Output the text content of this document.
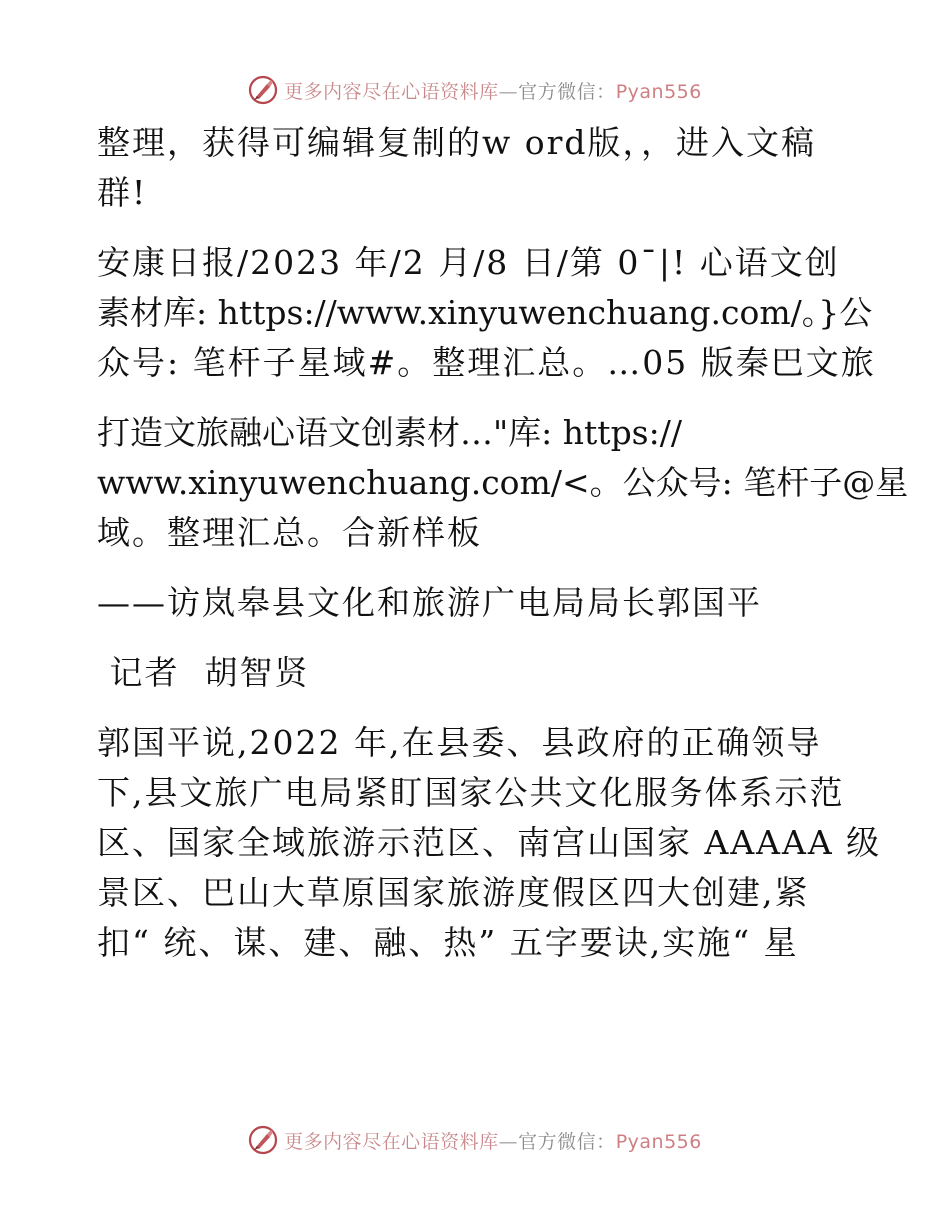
更多内容尽在心语资料库—官方微信：Pyan556
整理，获得可编辑复制的w ord版，，进入文稿
群!
安康日报/2023 年/2 月/8 日/第 0¯|! 心语文创
素材库: https://www.xinyuwenchuang.com/。}公
众号: 笔杆子星域#。整理汇总。…05 版秦巴文旅
打造文旅融心语文创素材…"库: https://
www.xinyuwenchuang.com/<。公众号: 笔杆子@星
域。整理汇总。合新样板
——访岚皋县文化和旅游广电局局长郭国平
记者  胡智贤
郭国平说,2022 年,在县委、县政府的正确领导
下,县文旅广电局紧盯国家公共文化服务体系示范
区、国家全域旅游示范区、南宫山国家 AAAAA 级
景区、巴山大草原国家旅游度假区四大创建,紧
扣“ 统、谋、建、融、热” 五字要诀,实施“ 星
更多内容尽在心语资料库—官方微信：Pyan556
